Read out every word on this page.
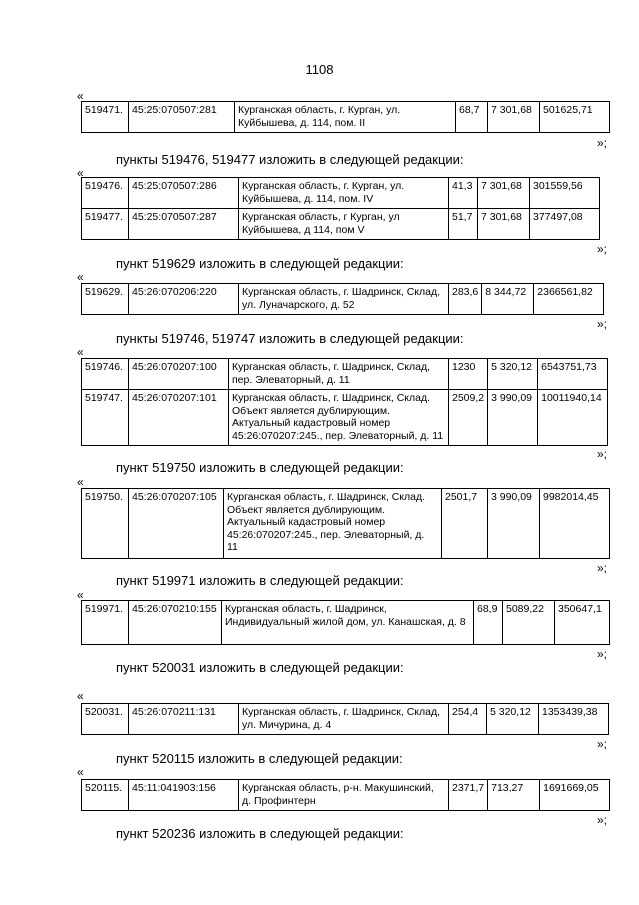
1108
«
519471.	45:25:070507:281	Курганская область, г. Курган, ул. Куйбышева, д. 114, пом. II	68,7	7 301,68	501625,71
»;
пункты 519476, 519477 изложить в следующей редакции:
«
519476.	45:25:070507:286	Курганская область, г. Курган, ул. Куйбышева, д. 114, пом. IV	41,3	7 301,68	301559,56
519477.	45:25:070507:287	Курганская область, г Курган, ул Куйбышева, д 114, пом V	51,7	7 301,68	377497,08
»;
пункт 519629 изложить в следующей редакции:
«
519629.	45:26:070206:220	Курганская область, г. Шадринск, Склад, ул. Луначарского, д. 52	283,6	8 344,72	2366561,82
»;
пункты 519746, 519747 изложить в следующей редакции:
«
519746.	45:26:070207:100	Курганская область, г. Шадринск, Склад, пер. Элеваторный, д. 11	1230	5 320,12	6543751,73
519747.	45:26:070207:101	Курганская область, г. Шадринск, Склад. Объект является дублирующим. Актуальный кадастровый номер 45:26:070207:245., пер. Элеваторный, д. 11	2509,2	3 990,09	10011940,14
»;
пункт 519750 изложить в следующей редакции:
«
519750.	45:26:070207:105	Курганская область, г. Шадринск, Склад. Объект является дублирующим. Актуальный кадастровый номер 45:26:070207:245., пер. Элеваторный, д. 11	2501,7	3 990,09	9982014,45
»;
пункт 519971 изложить в следующей редакции:
«
519971.	45:26:070210:155	Курганская область, г. Шадринск, Индивидуальный жилой дом, ул. Канашская, д. 8	68,9	5089,22	350647,1
»;
пункт 520031 изложить в следующей редакции:
«
520031.	45:26:070211:131	Курганская область, г. Шадринск, Склад, ул. Мичурина, д. 4	254,4	5 320,12	1353439,38
»;
пункт 520115 изложить в следующей редакции:
«
520115.	45:11:041903:156	Курганская область, р-н. Макушинский, д. Профинтерн	2371,7	713,27	1691669,05
»;
пункт 520236 изложить в следующей редакции:
